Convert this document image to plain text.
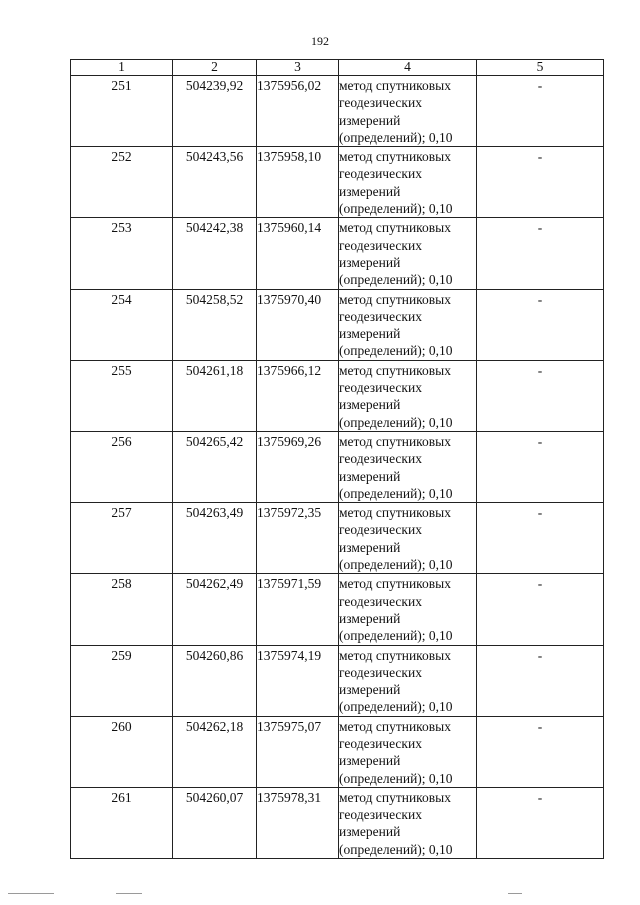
192
1	2	3	4	5
251	504239,92	1375956,02	метод спутниковых
геодезических
измерений
(определений); 0,10	-
252	504243,56	1375958,10	метод спутниковых
геодезических
измерений
(определений); 0,10	-
253	504242,38	1375960,14	метод спутниковых
геодезических
измерений
(определений); 0,10	-
254	504258,52	1375970,40	метод спутниковых
геодезических
измерений
(определений); 0,10	-
255	504261,18	1375966,12	метод спутниковых
геодезических
измерений
(определений); 0,10	-
256	504265,42	1375969,26	метод спутниковых
геодезических
измерений
(определений); 0,10	-
257	504263,49	1375972,35	метод спутниковых
геодезических
измерений
(определений); 0,10	-
258	504262,49	1375971,59	метод спутниковых
геодезических
измерений
(определений); 0,10	-
259	504260,86	1375974,19	метод спутниковых
геодезических
измерений
(определений); 0,10	-
260	504262,18	1375975,07	метод спутниковых
геодезических
измерений
(определений); 0,10	-
261	504260,07	1375978,31	метод спутниковых
геодезических
измерений
(определений); 0,10	-
